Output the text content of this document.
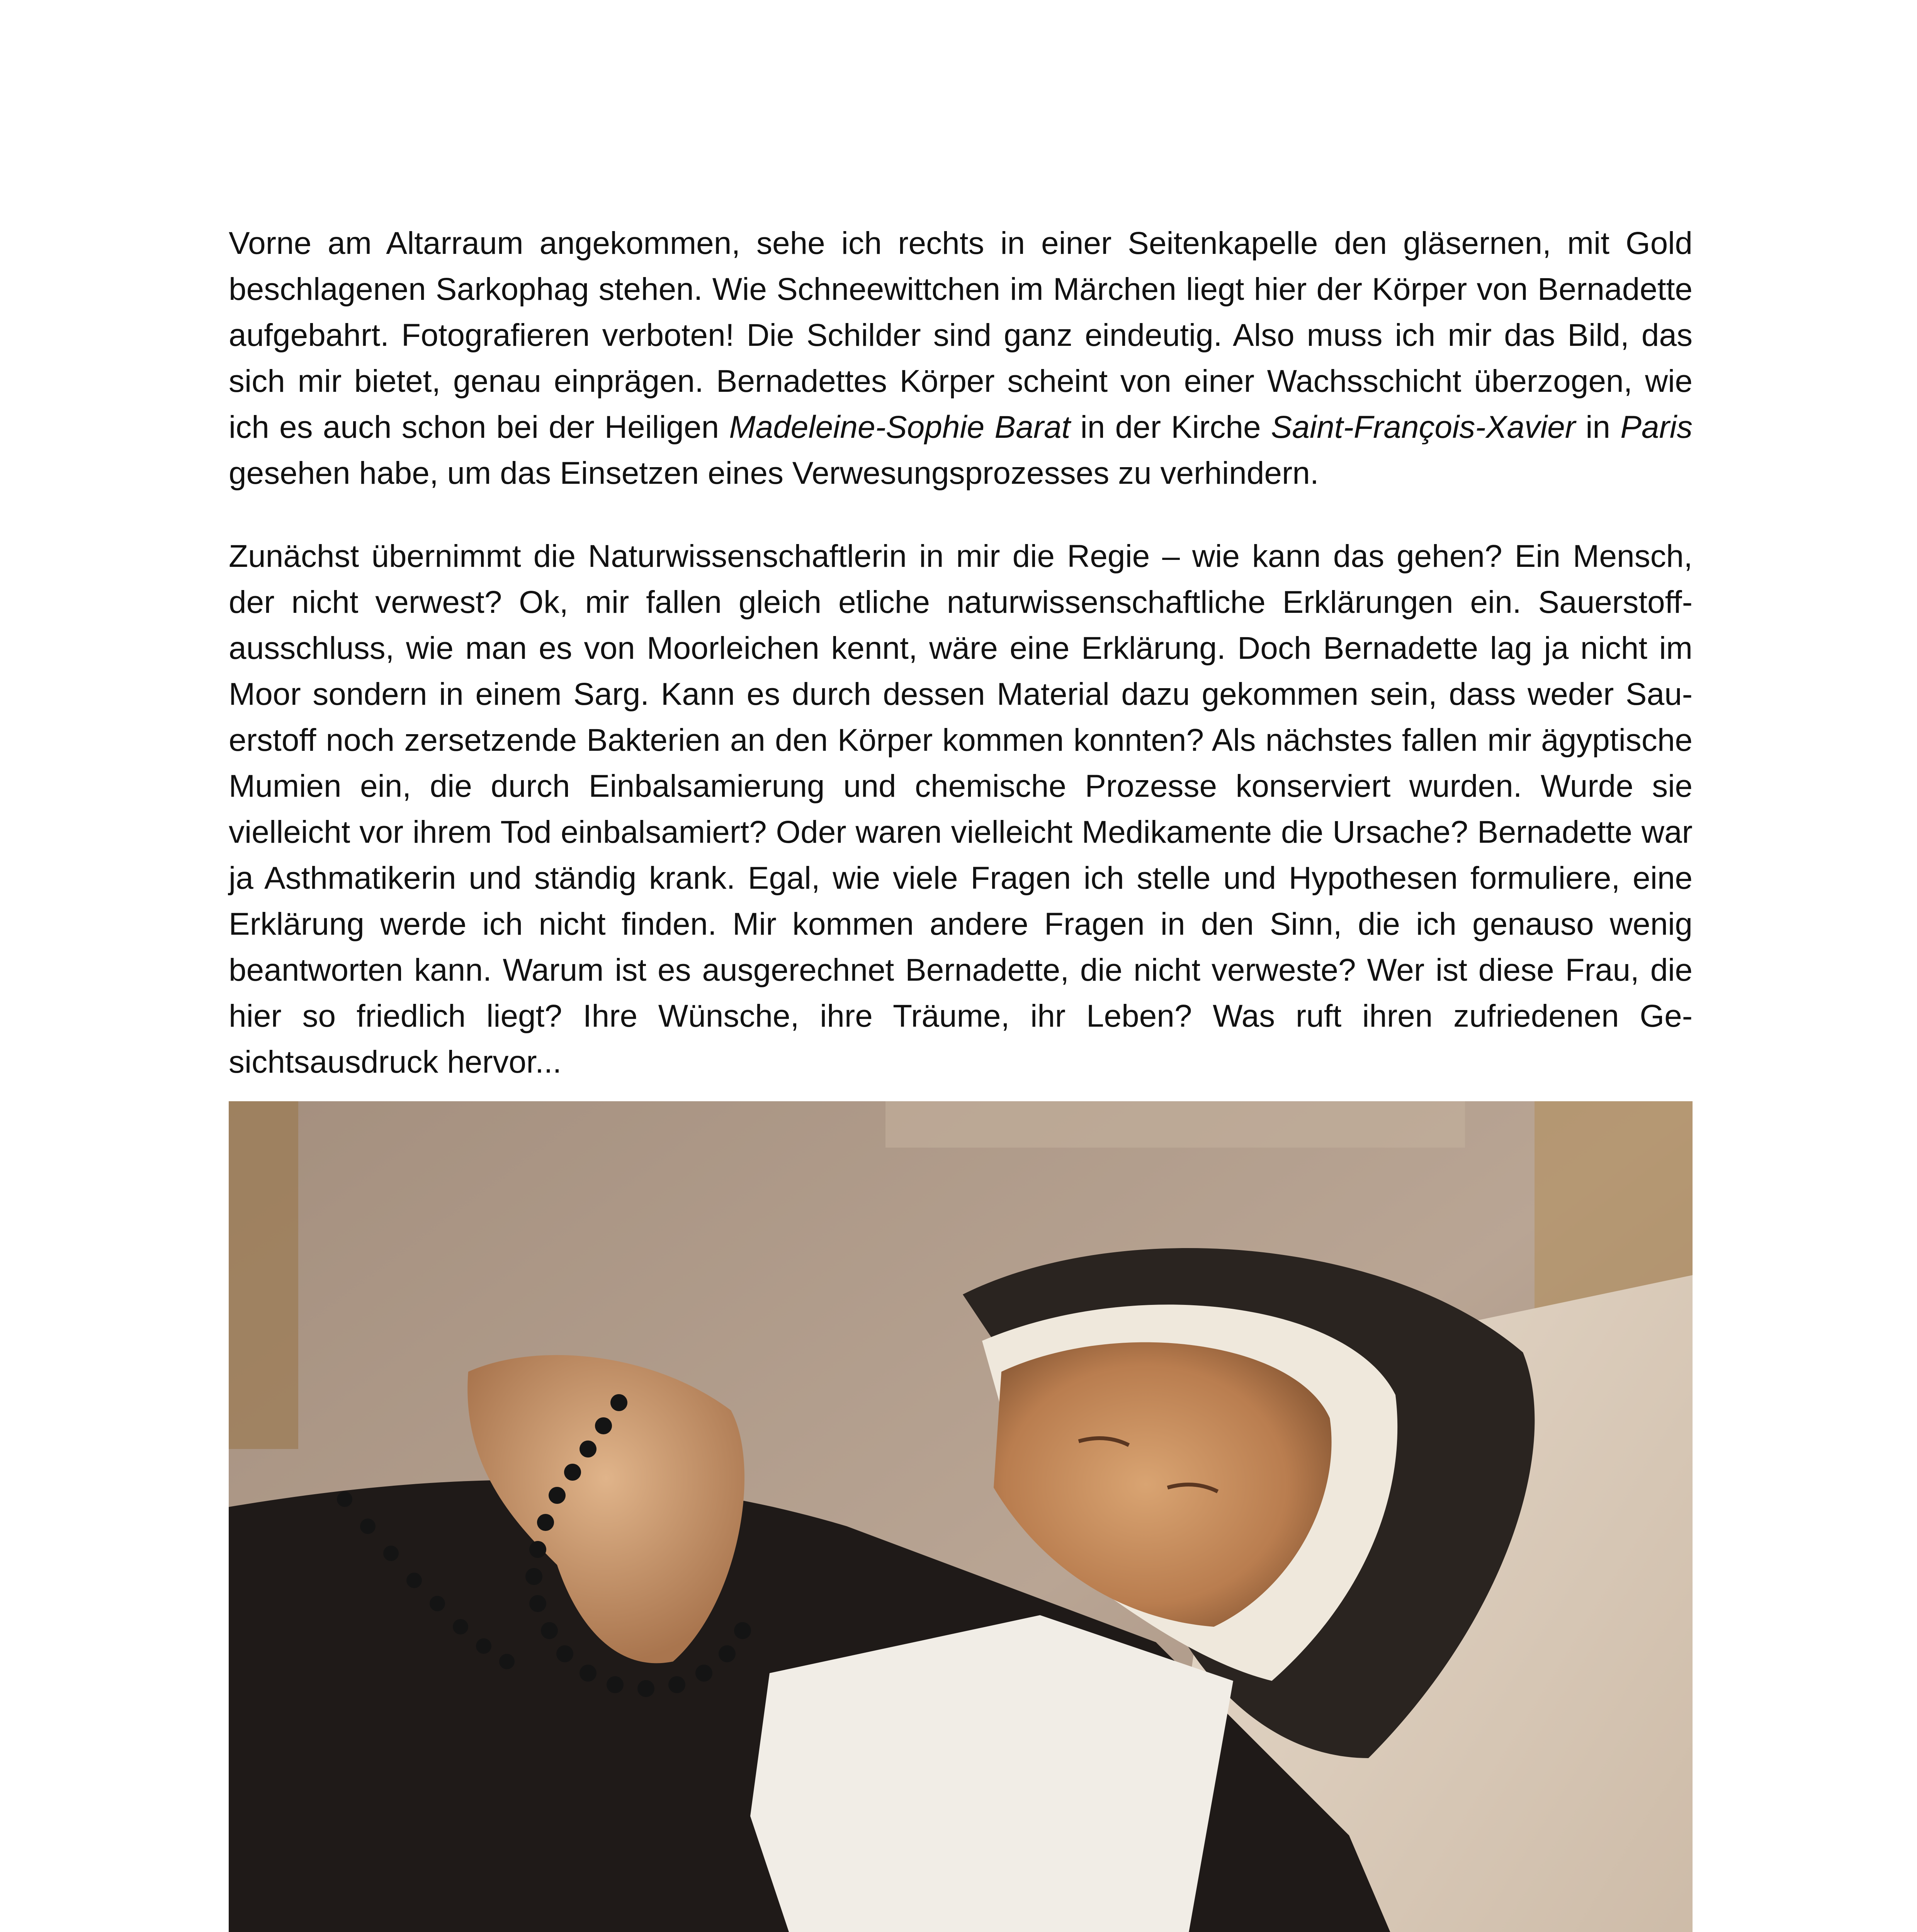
Vorne am Altarraum angekommen, sehe ich rechts in einer Seitenkapelle den gläsernen, mit Gold beschlagenen Sarkophag stehen. Wie Schneewittchen im Märchen liegt hier der Körper von Bernadette aufgebahrt. Fotografieren verboten! Die Schilder sind ganz eindeutig. Also muss ich mir das Bild, das sich mir bietet, genau einprägen. Bernadettes Körper scheint von einer Wachsschicht überzogen, wie ich es auch schon bei der Heiligen Madeleine-Sophie Barat in der Kirche Saint-François-Xavier in Paris gesehen habe, um das Einsetzen eines Verwesungsprozesses zu verhindern.

Zunächst übernimmt die Naturwissenschaftlerin in mir die Regie – wie kann das gehen? Ein Mensch, der nicht verwest? Ok, mir fallen gleich etliche naturwissenschaftliche Erklärungen ein. Sauerstoffausschluss, wie man es von Moorleichen kennt, wäre eine Erklärung. Doch Bernadette lag ja nicht im Moor sondern in einem Sarg. Kann es durch dessen Material dazu gekommen sein, dass weder Sauerstoff noch zersetzende Bakterien an den Körper kommen konnten? Als nächstes fallen mir ägyptische Mumien ein, die durch Einbalsamierung und chemische Prozesse konserviert wurden. Wurde sie vielleicht vor ihrem Tod einbalsamiert? Oder waren vielleicht Medikamente die Ursache? Bernadette war ja Asthmatikerin und ständig krank. Egal, wie viele Fragen ich stelle und Hypothesen formuliere, eine Erklärung werde ich nicht finden. Mir kommen andere Fragen in den Sinn, die ich genauso wenig beantworten kann. Warum ist es ausgerechnet Bernadette, die nicht verweste? Wer ist diese Frau, die hier so friedlich liegt? Ihre Wünsche, ihre Träume, ihr Leben? Was ruft ihren zufriedenen Gesichtsausdruck hervor...
